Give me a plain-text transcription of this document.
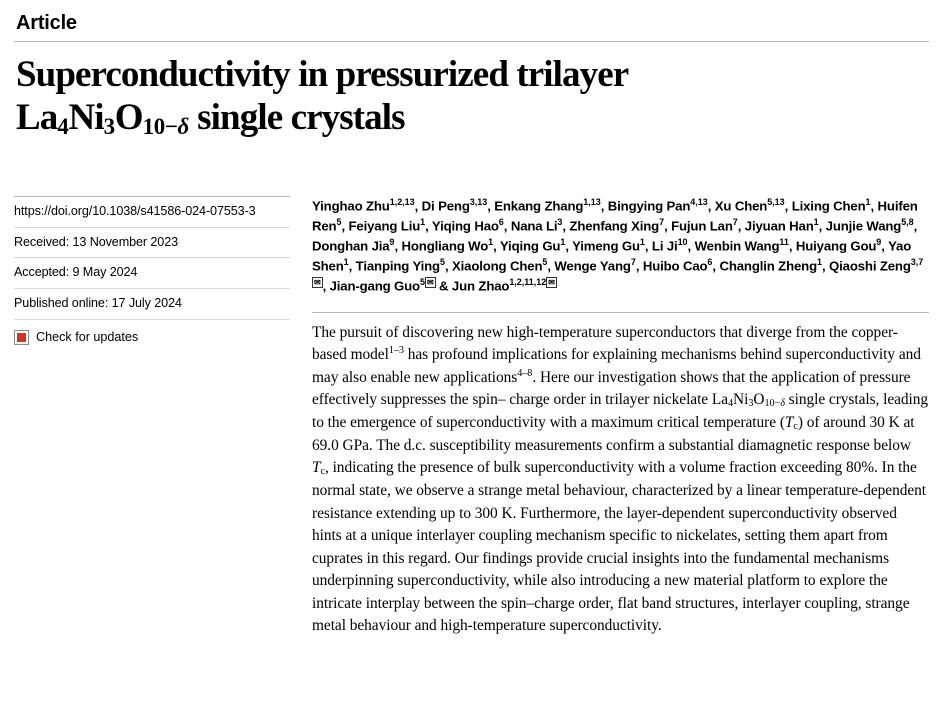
Article
Superconductivity in pressurized trilayer
$La_4Ni_3O_{10-\delta}$ single crystals
https://doi.org/10.1038/s41586-024-07553-3
Received: 13 November 2023
Accepted: 9 May 2024
Published online: 17 July 2024
Check for updates
Yinghao Zhu$^{1,2,13}$, Di Peng$^{3,13}$, Enkang Zhang$^{1,13}$, Bingying Pan$^{4,13}$, Xu Chen$^{5,13}$, Lixing Chen$^1$, Huifen Ren$^5$, Feiyang Liu$^1$, Yiqing Hao$^6$, Nana Li$^3$, Zhenfang Xing$^7$, Fujun Lan$^7$, Jiyuan Han$^1$, Junjie Wang$^{5,8}$, Donghan Jia$^9$, Hongliang Wo$^1$, Yiqing Gu$^1$, Yimeng Gu$^1$, Li Ji$^{10}$, Wenbin Wang$^{11}$, Huiyang Gou$^9$, Yao Shen$^1$, Tianping Ying$^5$, Xiaolong Chen$^5$, Wenge Yang$^7$, Huibo Cao$^6$, Changlin Zheng$^1$, Qiaoshi Zeng$^{3,7✉}$ , Jian-gang Guo$^5$ ✉ & Jun Zhao$^{1,2,11,12}$ ✉

The pursuit of discovering new high-temperature superconductors that diverge from the copper-based model$^{1-3}$ has profound implications for explaining mechanisms behind superconductivity and may also enable new applications$^{4-8}$. Here our investigation shows that the application of pressure effectively suppresses the spin– charge order in trilayer nickelate $La_4Ni_3O_{10-\delta}$ single crystals, leading to the emergence of superconductivity with a maximum critical temperature $(T_c)$ of around 30 K at 69.0 GPa. The d.c. susceptibility measurements confirm a substantial diamagnetic response below $T_c$, indicating the presence of bulk superconductivity with a volume fraction exceeding 80%. In the normal state, we observe a strange metal behaviour, characterized by a linear temperature-dependent resistance extending up to 300 K. Furthermore, the layer-dependent superconductivity observed hints at a unique interlayer coupling mechanism specific to nickelates, setting them apart from cuprates in this regard. Our findings provide crucial insights into the fundamental mechanisms underpinning superconductivity, while also introducing a new material platform to explore the intricate interplay between the spin–charge order, flat band structures, interlayer coupling, strange metal behaviour and high-temperature superconductivity.
